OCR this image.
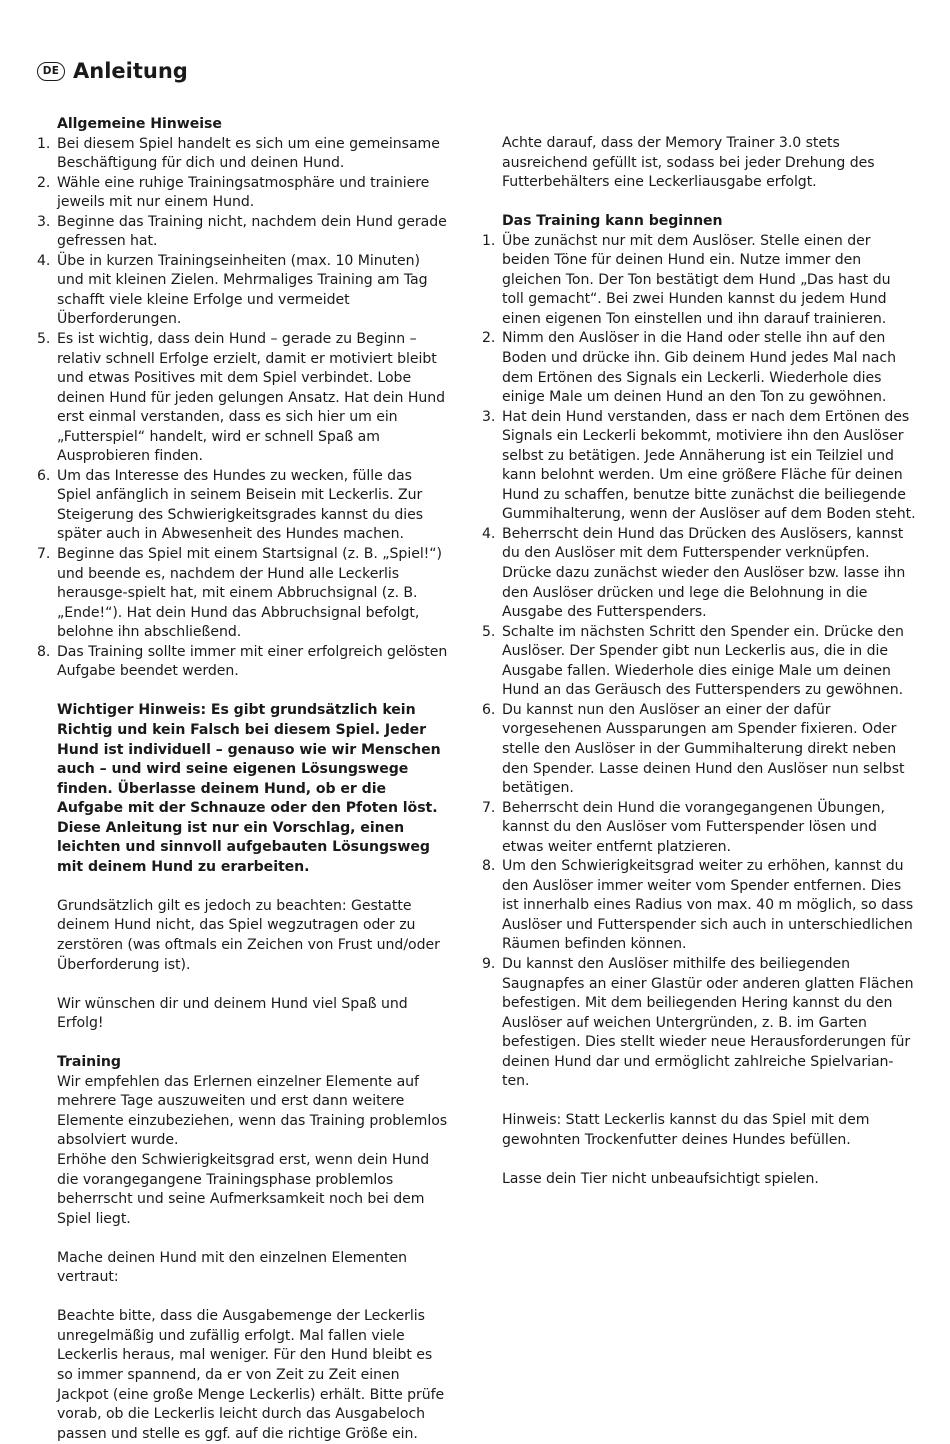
DE Anleitung
Allgemeine Hinweise
1. Bei diesem Spiel handelt es sich um eine gemeinsame Beschäftigung für dich und deinen Hund.
2. Wähle eine ruhige Trainingsatmosphäre und trainiere jeweils mit nur einem Hund.
3. Beginne das Training nicht, nachdem dein Hund gerade gefressen hat.
4. Übe in kurzen Trainingseinheiten (max. 10 Minuten) und mit kleinen Zielen. Mehrmaliges Training am Tag schafft viele kleine Erfolge und vermeidet Überforderungen.
5. Es ist wichtig, dass dein Hund – gerade zu Beginn – relativ schnell Erfolge erzielt, damit er motiviert bleibt und etwas Positives mit dem Spiel verbindet. Lobe deinen Hund für jeden gelungen Ansatz. Hat dein Hund erst einmal verstanden, dass es sich hier um ein „Futterspiel“ handelt, wird er schnell Spaß am Ausprobieren finden.
6. Um das Interesse des Hundes zu wecken, fülle das Spiel anfänglich in seinem Beisein mit Leckerlis. Zur Steigerung des Schwierigkeitsgrades kannst du dies später auch in Abwesenheit des Hundes machen.
7. Beginne das Spiel mit einem Startsignal (z. B. „Spiel!“) und beende es, nachdem der Hund alle Leckerlis herausge-spielt hat, mit einem Abbruchsignal (z. B. „Ende!“). Hat dein Hund das Abbruchsignal befolgt, belohne ihn abschließend.
8. Das Training sollte immer mit einer erfolgreich gelösten Aufgabe beendet werden.
Wichtiger Hinweis: Es gibt grundsätzlich kein Richtig und kein Falsch bei diesem Spiel. Jeder Hund ist individuell – genauso wie wir Menschen auch – und wird seine eigenen Lösungswege finden. Überlasse deinem Hund, ob er die Aufgabe mit der Schnauze oder den Pfoten löst. Diese Anleitung ist nur ein Vorschlag, einen leichten und sinnvoll aufgebauten Lösungsweg mit deinem Hund zu erarbeiten.
Grundsätzlich gilt es jedoch zu beachten: Gestatte deinem Hund nicht, das Spiel wegzutragen oder zu zerstören (was oftmals ein Zeichen von Frust und/oder Überforderung ist).
Wir wünschen dir und deinem Hund viel Spaß und Erfolg!
Training
Wir empfehlen das Erlernen einzelner Elemente auf mehrere Tage auszuweiten und erst dann weitere Elemente einzubeziehen, wenn das Training problemlos absolviert wurde.
Erhöhe den Schwierigkeitsgrad erst, wenn dein Hund die vorangegangene Trainingsphase problemlos beherrscht und seine Aufmerksamkeit noch bei dem Spiel liegt.
Mache deinen Hund mit den einzelnen Elementen vertraut:
Beachte bitte, dass die Ausgabemenge der Leckerlis unregelmäßig und zufällig erfolgt. Mal fallen viele Leckerlis heraus, mal weniger. Für den Hund bleibt es so immer spannend, da er von Zeit zu Zeit einen Jackpot (eine große Menge Leckerlis) erhält. Bitte prüfe vorab, ob die Leckerlis leicht durch das Ausgabeloch passen und stelle es ggf. auf die richtige Größe ein.
Achte darauf, dass der Memory Trainer 3.0 stets ausreichend gefüllt ist, sodass bei jeder Drehung des Futterbehälters eine Leckerliausgabe erfolgt.
Das Training kann beginnen
1. Übe zunächst nur mit dem Auslöser. Stelle einen der beiden Töne für deinen Hund ein. Nutze immer den gleichen Ton. Der Ton bestätigt dem Hund „Das hast du toll gemacht“. Bei zwei Hunden kannst du jedem Hund einen eigenen Ton einstellen und ihn darauf trainieren.
2. Nimm den Auslöser in die Hand oder stelle ihn auf den Boden und drücke ihn. Gib deinem Hund jedes Mal nach dem Ertönen des Signals ein Leckerli. Wiederhole dies einige Male um deinen Hund an den Ton zu gewöhnen.
3. Hat dein Hund verstanden, dass er nach dem Ertönen des Signals ein Leckerli bekommt, motiviere ihn den Auslöser selbst zu betätigen. Jede Annäherung ist ein Teilziel und kann belohnt werden. Um eine größere Fläche für deinen Hund zu schaffen, benutze bitte zunächst die beiliegende Gummihalterung, wenn der Auslöser auf dem Boden steht.
4. Beherrscht dein Hund das Drücken des Auslösers, kannst du den Auslöser mit dem Futterspender verknüpfen. Drücke dazu zunächst wieder den Auslöser bzw. lasse ihn den Auslöser drücken und lege die Belohnung in die Ausgabe des Futterspenders.
5. Schalte im nächsten Schritt den Spender ein. Drücke den Auslöser. Der Spender gibt nun Leckerlis aus, die in die Ausgabe fallen. Wiederhole dies einige Male um deinen Hund an das Geräusch des Futterspenders zu gewöhnen.
6. Du kannst nun den Auslöser an einer der dafür vorgesehenen Aussparungen am Spender fixieren. Oder stelle den Auslöser in der Gummihalterung direkt neben den Spender. Lasse deinen Hund den Auslöser nun selbst betätigen.
7. Beherrscht dein Hund die vorangegangenen Übungen, kannst du den Auslöser vom Futterspender lösen und etwas weiter entfernt platzieren.
8. Um den Schwierigkeitsgrad weiter zu erhöhen, kannst du den Auslöser immer weiter vom Spender entfernen. Dies ist innerhalb eines Radius von max. 40 m möglich, so dass Auslöser und Futterspender sich auch in unterschiedlichen Räumen befinden können.
9. Du kannst den Auslöser mithilfe des beiliegenden Saugnapfes an einer Glastür oder anderen glatten Flächen befestigen. Mit dem beiliegenden Hering kannst du den Auslöser auf weichen Untergründen, z. B. im Garten befestigen. Dies stellt wieder neue Herausforderungen für deinen Hund dar und ermöglicht zahlreiche Spielvarian-ten.
Hinweis: Statt Leckerlis kannst du das Spiel mit dem gewohnten Trockenfutter deines Hundes befüllen.
Lasse dein Tier nicht unbeaufsichtigt spielen.
